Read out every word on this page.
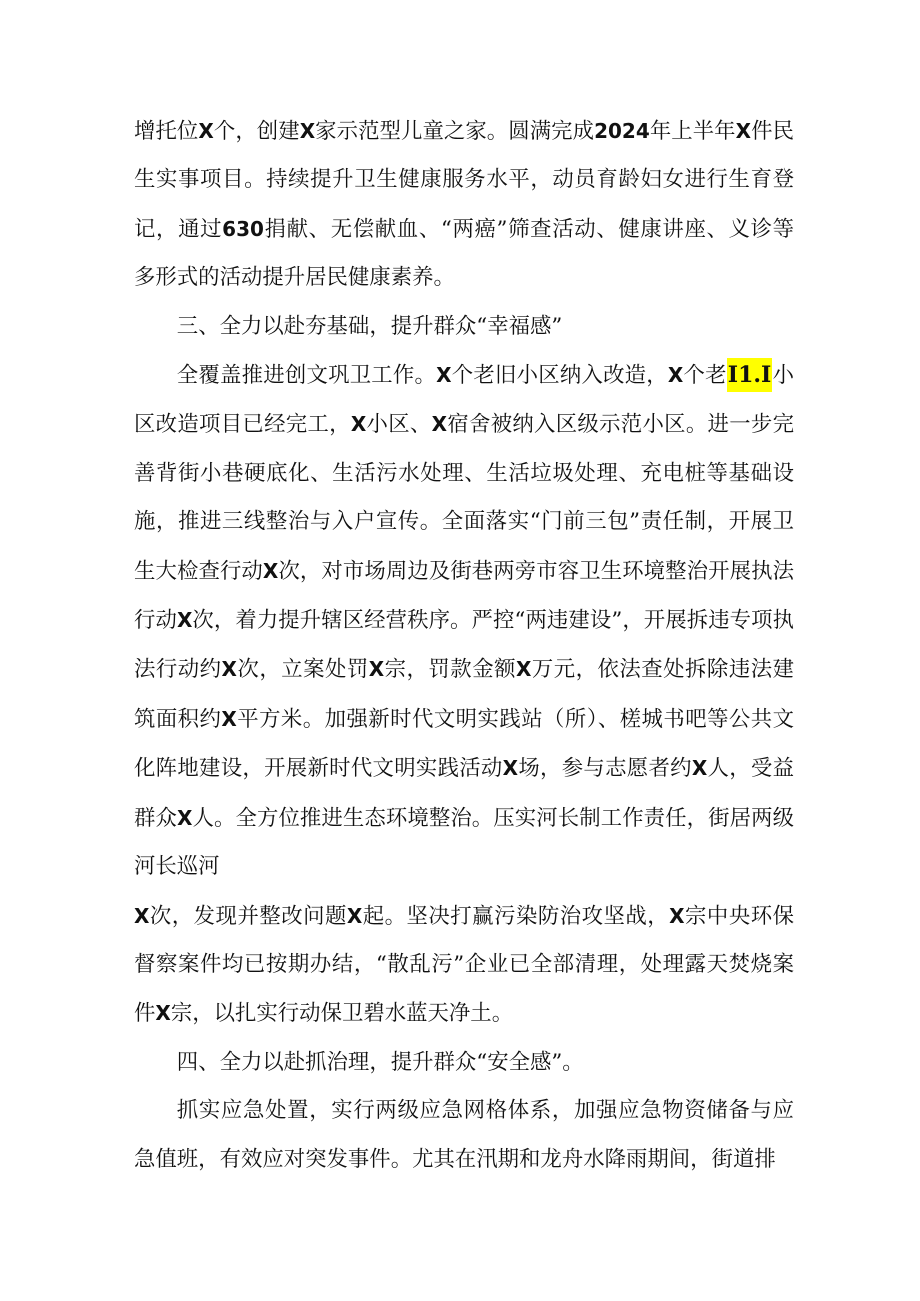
增托位X个，创建X家示范型儿童之家。圆满完成2024年上半年X件民生实事项目。持续提升卫生健康服务水平，动员育龄妇女进行生育登记，通过630捐献、无偿献血、“两癌”筛查活动、健康讲座、义诊等多形式的活动提升居民健康素养。

三、全力以赴夯基础，提升群众“幸福感”

全覆盖推进创文巩卫工作。X个老旧小区纳入改造，X个老I1.I小区改造项目已经完工，X小区、X宿舍被纳入区级示范小区。进一步完善背街小巷硬底化、生活污水处理、生活垃圾处理、充电桩等基础设施，推进三线整治与入户宣传。全面落实“门前三包”责任制，开展卫生大检查行动X次，对市场周边及街巷两旁市容卫生环境整治开展执法行动X次，着力提升辖区经营秩序。严控“两违建设”，开展拆违专项执法行动约X次，立案处罚X宗，罚款金额X万元，依法查处拆除违法建筑面积约X平方米。加强新时代文明实践站（所）、槎城书吧等公共文化阵地建设，开展新时代文明实践活动X场，参与志愿者约X人，受益群众X人。全方位推进生态环境整治。压实河长制工作责任，街居两级河长巡河

X次，发现并整改问题X起。坚决打赢污染防治攻坚战，X宗中央环保督察案件均已按期办结，“散乱污”企业已全部清理，处理露天焚烧案件X宗，以扎实行动保卫碧水蓝天净土。

四、全力以赴抓治理，提升群众“安全感”。

抓实应急处置，实行两级应急网格体系，加强应急物资储备与应急值班，有效应对突发事件。尤其在汛期和龙舟水降雨期间，街道排
